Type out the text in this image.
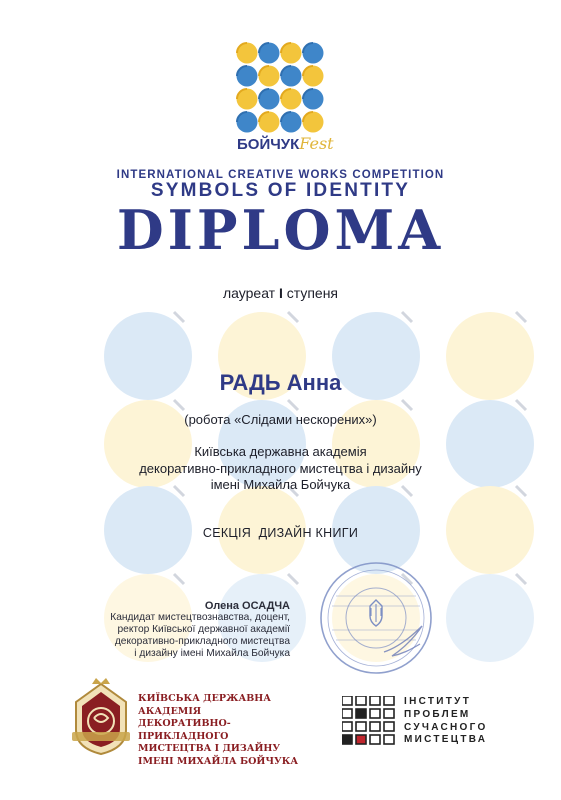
БОЙЧУКFest
INTERNATIONAL CREATIVE WORKS COMPETITION
SYMBOLS OF IDENTITY
DIPLOMA
лауреат I ступеня
РАДЬ Анна
(робота «Слідами нескорених»)
Київська державна академія
декоративно-прикладного мистецтва і дизайну
імені Михайла Бойчука
СЕКЦІЯ  ДИЗАЙН КНИГИ
Олена ОСАДЧА
Кандидат мистецтвознавства, доцент,
ректор Київської державної академії
декоративно-прикладного мистецтва
і дизайну імені Михайла Бойчука
КИЇВСЬКА ДЕРЖАВНА АКАДЕМІЯ
ДЕКОРАТИВНО-ПРИКЛАДНОГО
МИСТЕЦТВА І ДИЗАЙНУ
ІМЕНІ МИХАЙЛА БОЙЧУКА
ІНСТИТУТ
ПРОБЛЕМ
СУЧАСНОГО
МИСТЕЦТВА
